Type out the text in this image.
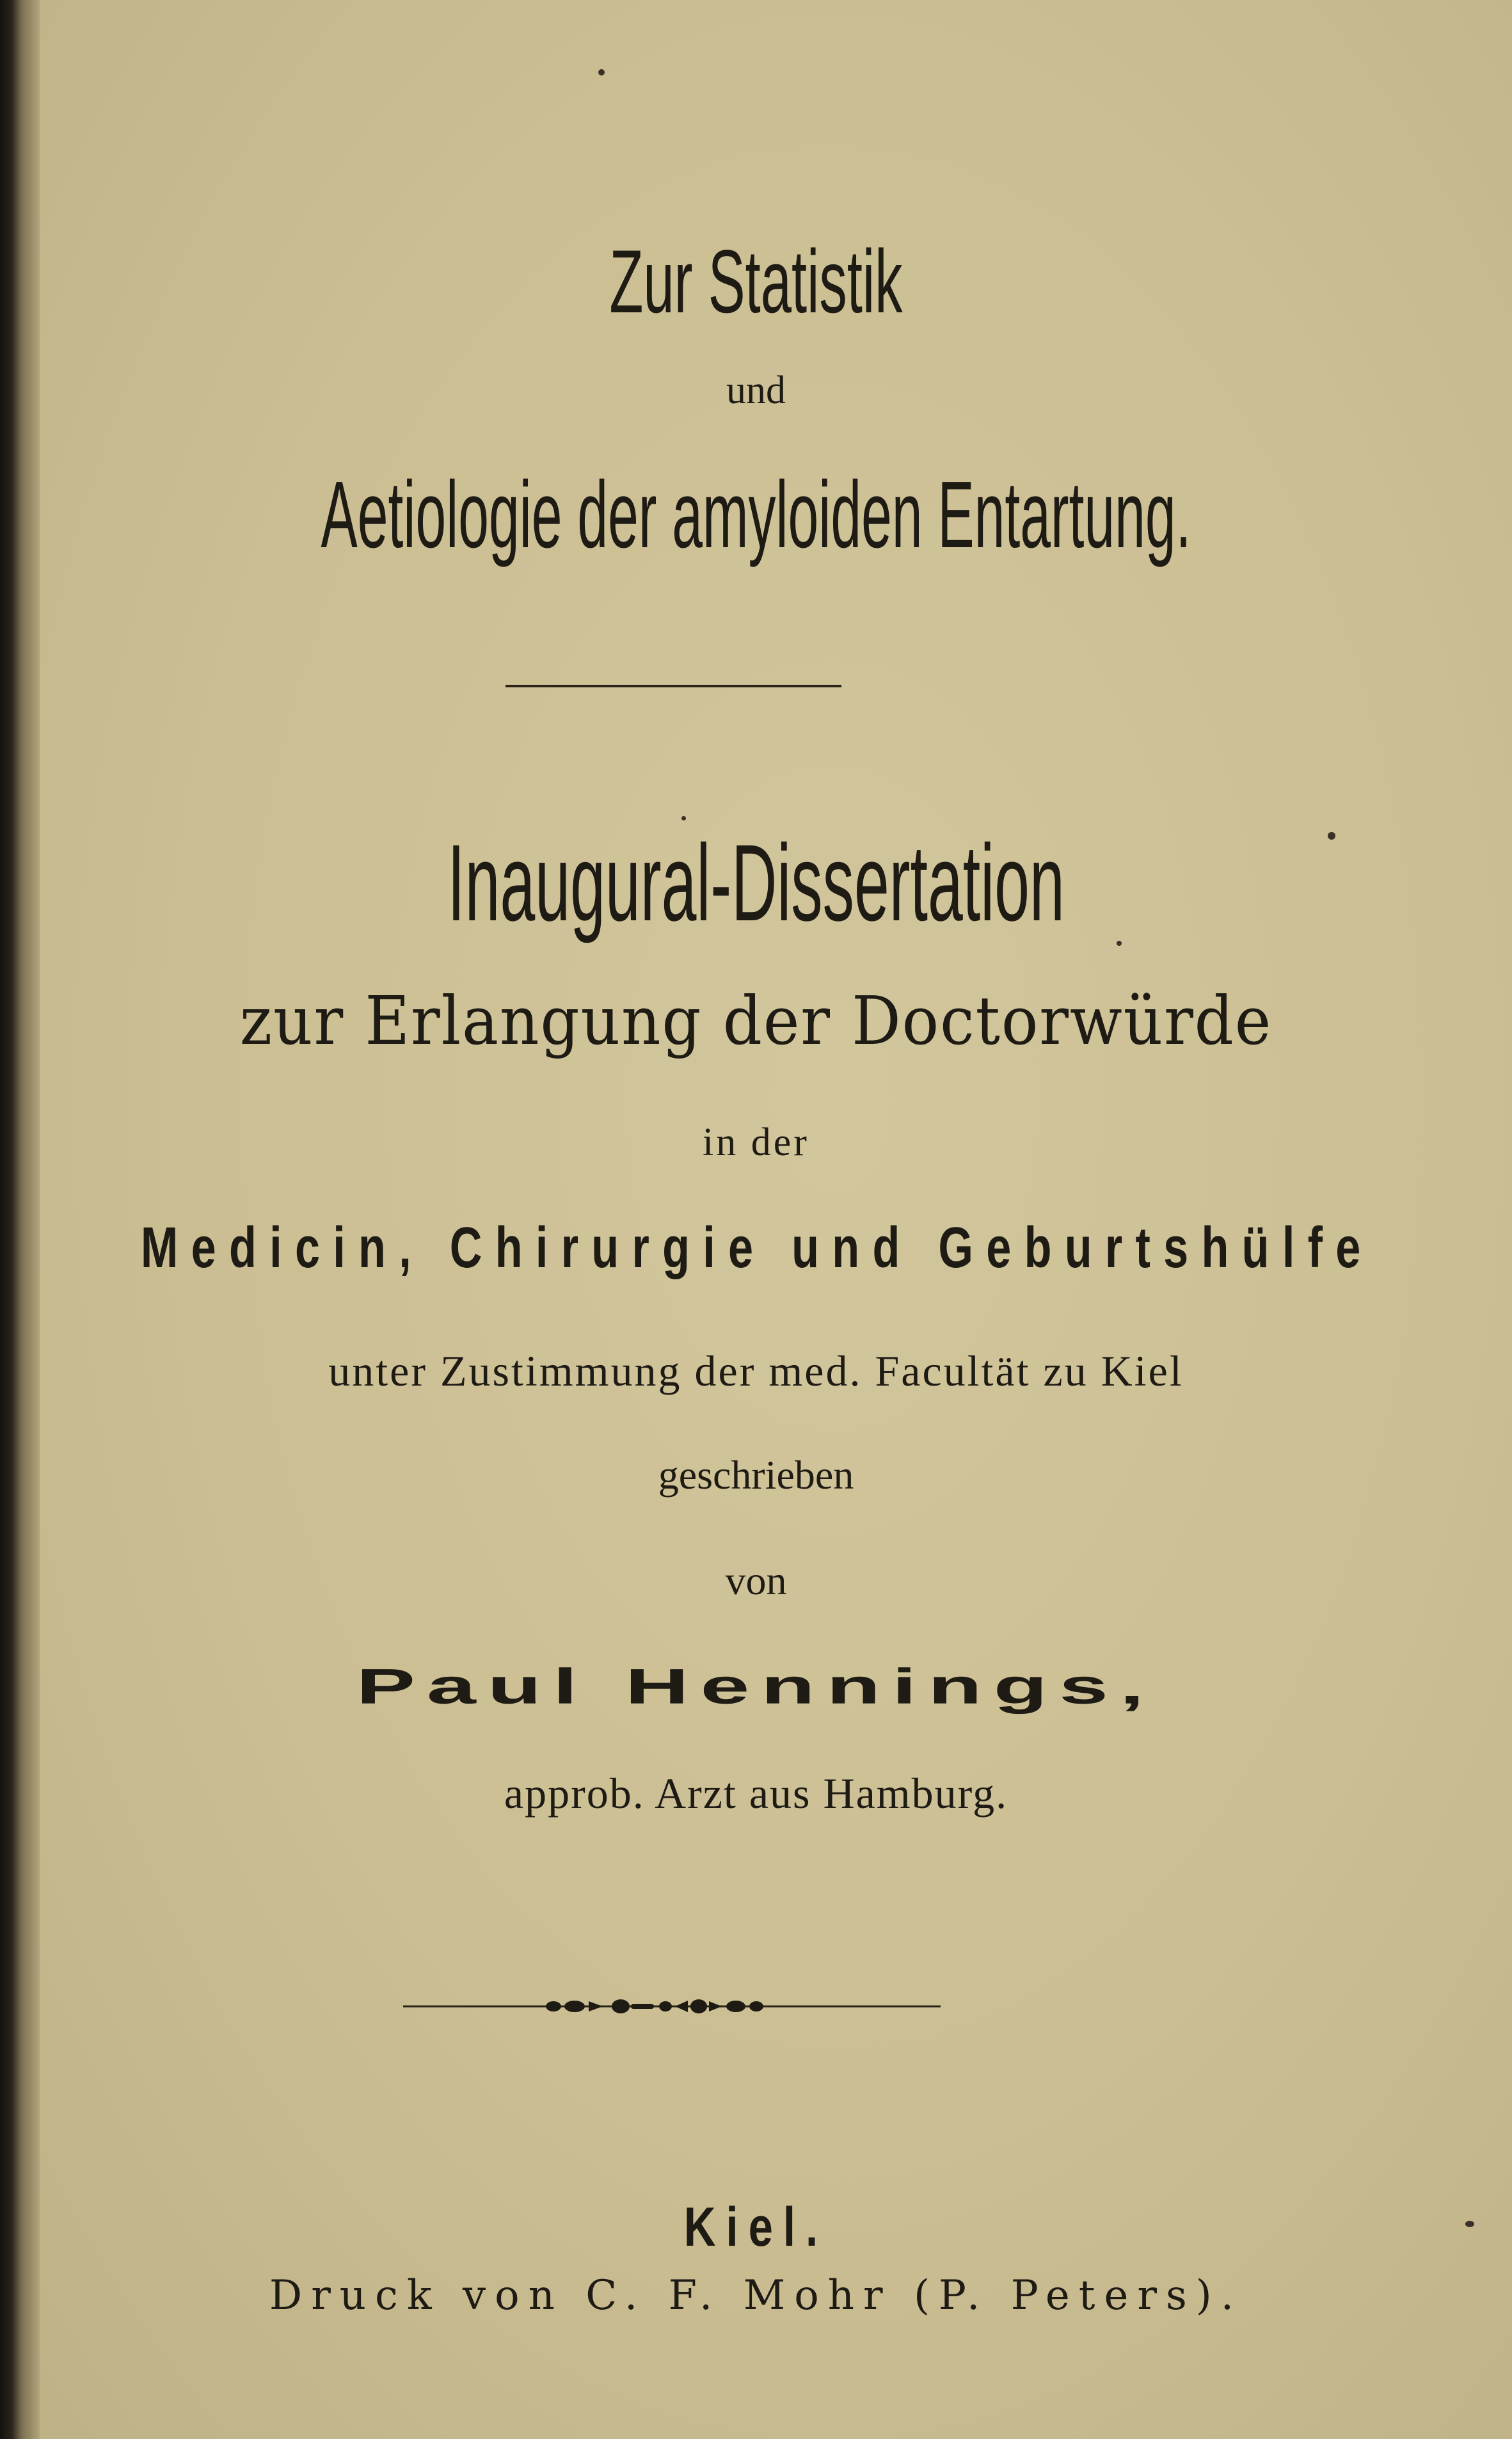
Zur Statistik

und

Aetiologie der amyloiden Entartung.

Inaugural-Dissertation

zur Erlangung der Doctorwürde

in der

Medicin, Chirurgie und Geburtshülfe

unter Zustimmung der med. Facultät zu Kiel

geschrieben

von

Paul Hennings,

approb. Arzt aus Hamburg.

Kiel.

Druck von C. F. Mohr (P. Peters).
